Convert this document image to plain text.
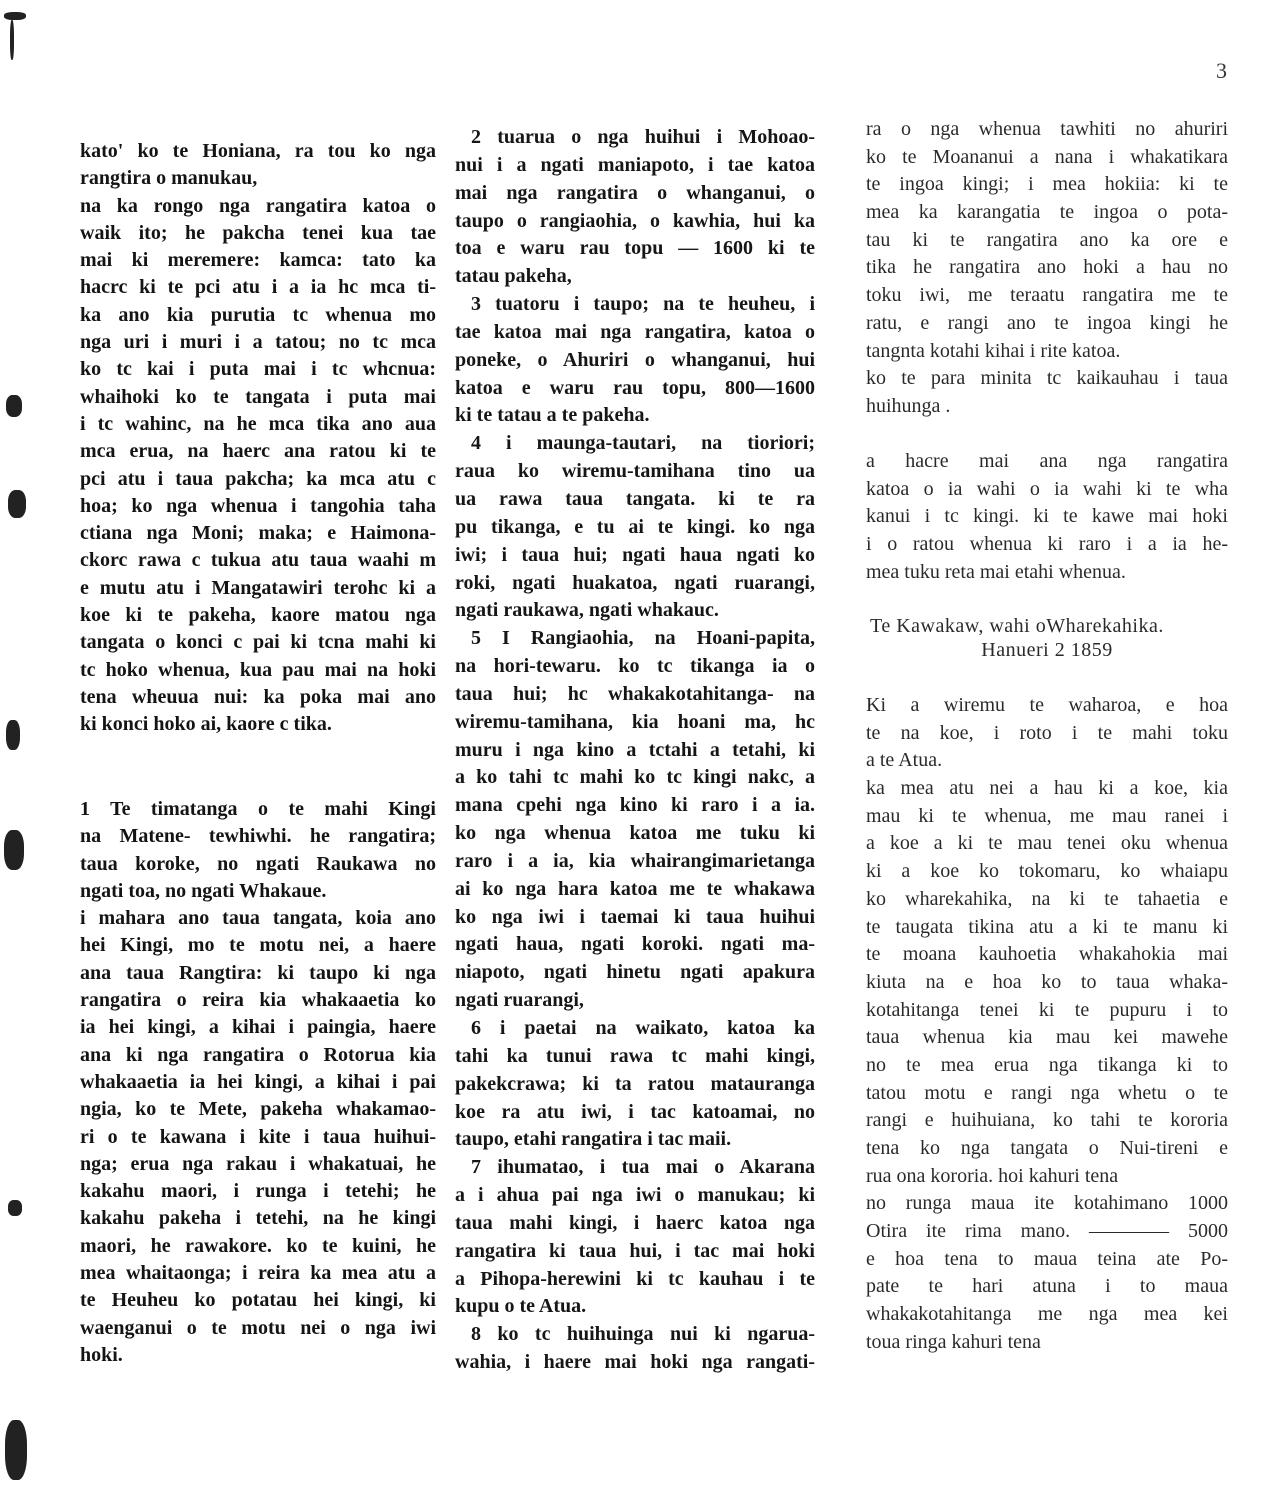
3
kato' ko te Honiana, ra tou ko nga
rangtira o manukau,
na ka rongo nga rangatira katoa o
waik ito; he pakcha tenei kua tae
mai ki meremere: kamca: tato ka
hacrc ki te pci atu i a ia hc mca ti-
ka ano kia purutia tc whenua mo
nga uri i muri i a tatou; no tc mca
ko tc kai i puta mai i tc whcnua:
whaihoki ko te tangata i puta mai
i tc wahinc, na he mca tika ano aua
mca erua, na haerc ana ratou ki te
pci atu i taua pakcha; ka mca atu c
hoa; ko nga whenua i tangohia taha
ctiana nga Moni; maka; e Haimona-
ckorc rawa c tukua atu taua waahi m
e mutu atu i Mangatawiri terohc ki a
koe ki te pakeha, kaore matou nga
tangata o konci c pai ki tcna mahi ki
tc hoko whenua, kua pau mai na hoki
tena wheuua nui: ka poka mai ano
ki konci hoko ai, kaore c tika.
1 Te timatanga o te mahi Kingi
na Matene- tewhiwhi. he rangatira;
taua koroke, no ngati Raukawa no
ngati toa, no ngati Whakaue.
i mahara ano taua tangata, koia ano
hei Kingi, mo te motu nei, a haere
ana taua Rangtira: ki taupo ki nga
rangatira o reira kia whakaaetia ko
ia hei kingi, a kihai i paingia, haere
ana ki nga rangatira o Rotorua kia
whakaaetia ia hei kingi, a kihai i pai
ngia, ko te Mete, pakeha whakamao-
ri o te kawana i kite i taua huihui-
nga; erua nga rakau i whakatuai, he
kakahu maori, i runga i tetehi; he
kakahu pakeha i tetehi, na he kingi
maori, he rawakore. ko te kuini, he
mea whaitaonga; i reira ka mea atu a
te Heuheu ko potatau hei kingi, ki
waenganui o te motu nei o nga iwi
hoki.
2 tuarua o nga huihui i Mohoao-
nui i a ngati maniapoto, i tae katoa
mai nga rangatira o whanganui, o
taupo o rangiaohia, o kawhia, hui ka
toa e waru rau topu — 1600 ki te
tatau pakeha,
3 tuatoru i taupo; na te heuheu, i
tae katoa mai nga rangatira, katoa o
poneke, o Ahuriri o whanganui, hui
katoa e waru rau topu, 800—1600
ki te tatau a te pakeha.
4 i maunga-tautari, na tioriori;
raua ko wiremu-tamihana tino ua
ua rawa taua tangata. ki te ra
pu tikanga, e tu ai te kingi. ko nga
iwi; i taua hui; ngati haua ngati ko
roki, ngati huakatoa, ngati ruarangi,
ngati raukawa, ngati whakauc.
5 I Rangiaohia, na Hoani-papita,
na hori-tewaru. ko tc tikanga ia o
taua hui; hc whakakotahitanga- na
wiremu-tamihana, kia hoani ma, hc
muru i nga kino a tctahi a tetahi, ki
a ko tahi tc mahi ko tc kingi nakc, a
mana cpehi nga kino ki raro i a ia.
ko nga whenua katoa me tuku ki
raro i a ia, kia whairangimarietanga
ai ko nga hara katoa me te whakawa
ko nga iwi i taemai ki taua huihui
ngati haua, ngati koroki. ngati ma-
niapoto, ngati hinetu ngati apakura
ngati ruarangi,
6 i paetai na waikato, katoa ka
tahi ka tunui rawa tc mahi kingi,
pakekcrawa; ki ta ratou matauranga
koe ra atu iwi, i tac katoamai, no
taupo, etahi rangatira i tac maii.
7 ihumatao, i tua mai o Akarana
a i ahua pai nga iwi o manukau; ki
taua mahi kingi, i haerc katoa nga
rangatira ki taua hui, i tac mai hoki
a Pihopa-herewini ki tc kauhau i te
kupu o te Atua.
8 ko tc huihuinga nui ki ngarua-
wahia, i haere mai hoki nga rangati-
ra o nga whenua tawhiti no ahuriri
ko te Moananui a nana i whakatikara
te ingoa kingi; i mea hokiia: ki te
mea ka karangatia te ingoa o pota-
tau ki te rangatira ano ka ore e
tika he rangatira ano hoki a hau no
toku iwi, me teraatu rangatira me te
ratu, e rangi ano te ingoa kingi he
tangnta kotahi kihai i rite katoa.
ko te para minita tc kaikauhau i taua
huihunga .
a hacre mai ana nga rangatira
katoa o ia wahi o ia wahi ki te wha
kanui i tc kingi. ki te kawe mai hoki
i o ratou whenua ki raro i a ia he-
mea tuku reta mai etahi whenua.
Te Kawakaw, wahi oWharekahika.
Hanueri 2 1859
Ki a wiremu te waharoa, e hoa
te na koe, i roto i te mahi toku
a te Atua.
ka mea atu nei a hau ki a koe, kia
mau ki te whenua, me mau ranei i
a koe a ki te mau tenei oku whenua
ki a koe ko tokomaru, ko whaiapu
ko wharekahika, na ki te tahaetia e
te taugata tikina atu a ki te manu ki
te moana kauhoetia whakahokia mai
kiuta na e hoa ko to taua whaka-
kotahitanga tenei ki te pupuru i to
taua whenua kia mau kei mawehe
no te mea erua nga tikanga ki to
tatou motu e rangi nga whetu o te
rangi e huihuiana, ko tahi te kororia
tena ko nga tangata o Nui-tireni e
rua ona kororia. hoi kahuri tena
no runga maua ite kotahimano 1000
Otira ite rima mano. ———— 5000
e hoa tena to maua teina ate Po-
pate te hari atuna i to maua
whakakotahitanga me nga mea kei
toua ringa kahuri tena
